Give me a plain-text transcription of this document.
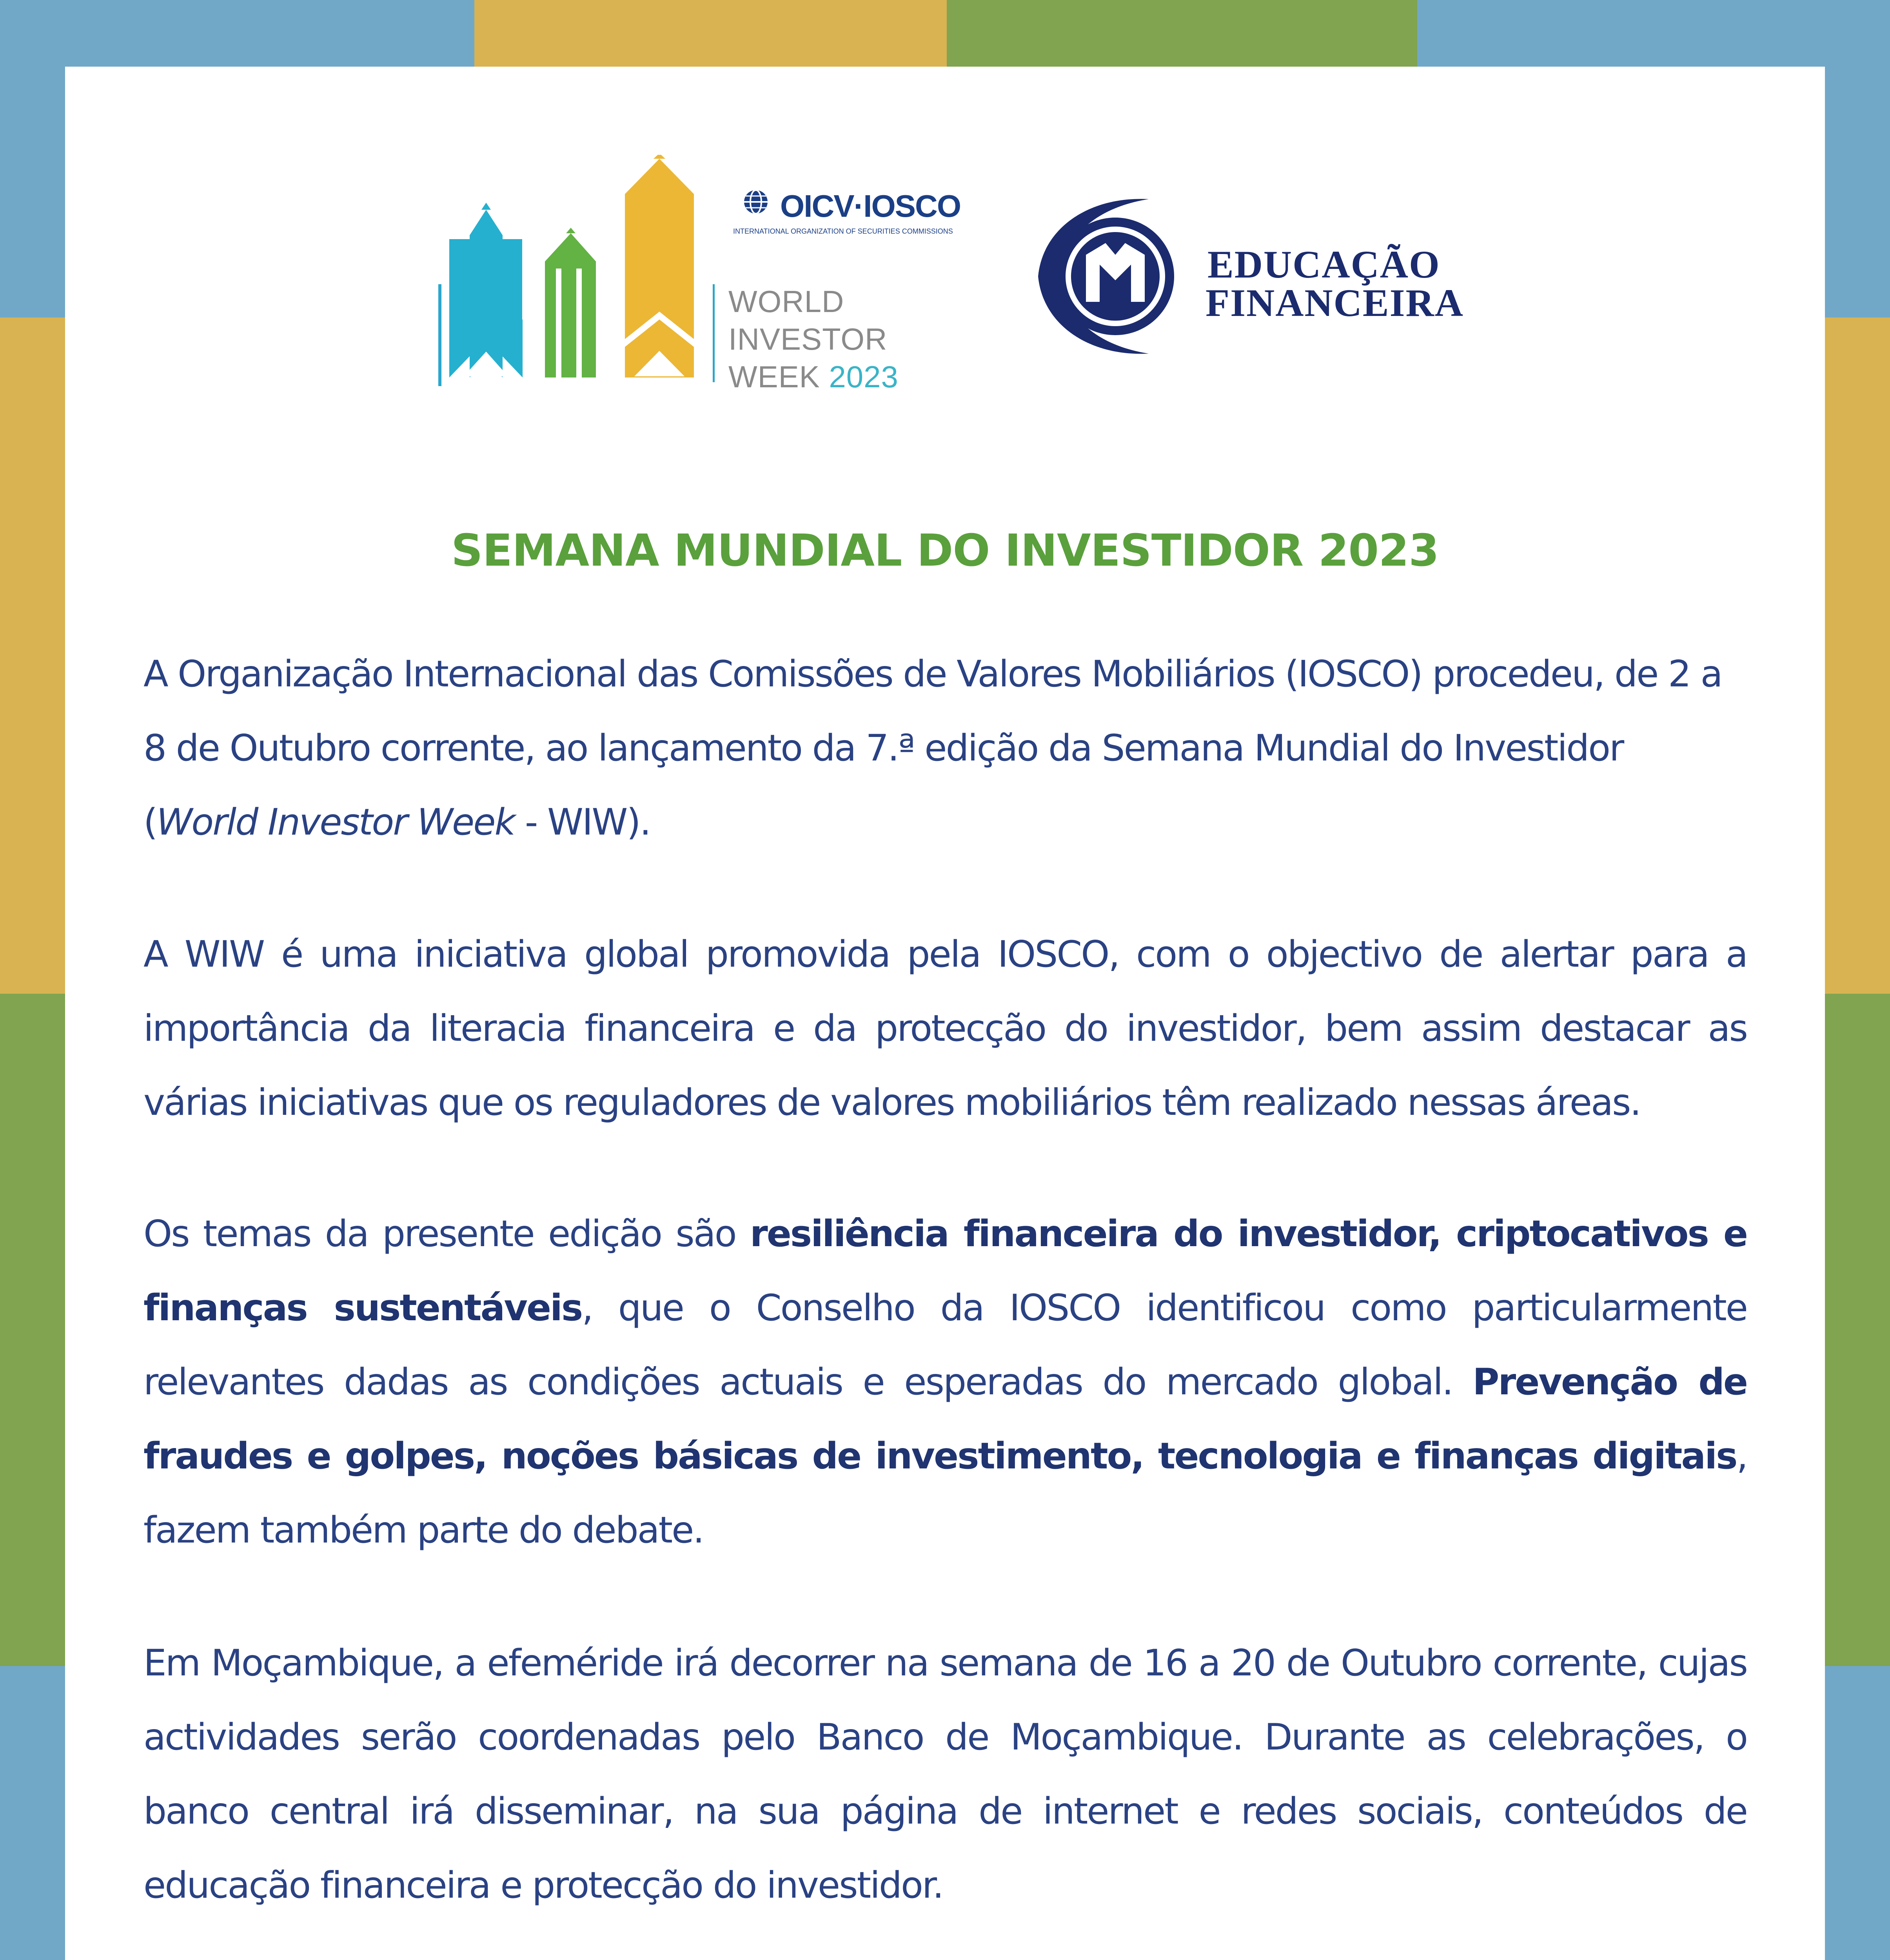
OICV·IOSCO
INTERNATIONAL ORGANIZATION OF SECURITIES COMMISSIONS
WORLD
INVESTOR
WEEK 2023
EDUCAÇÃO
FINANCEIRA
SEMANA MUNDIAL DO INVESTIDOR 2023
A Organização Internacional das Comissões de Valores Mobiliários (IOSCO) procedeu, de 2 a 8 de Outubro corrente, ao lançamento da 7.ª edição da Semana Mundial do Investidor (World Investor Week - WIW).
A WIW é uma iniciativa global promovida pela IOSCO, com o objectivo de alertar para a importância da literacia financeira e da protecção do investidor, bem assim destacar as várias iniciativas que os reguladores de valores mobiliários têm realizado nessas áreas.
Os temas da presente edição são resiliência financeira do investidor, criptocativos e finanças sustentáveis, que o Conselho da IOSCO identificou como particularmente relevantes dadas as condições actuais e esperadas do mercado global. Prevenção de fraudes e golpes, noções básicas de investimento, tecnologia e finanças digitais, fazem também parte do debate.
Em Moçambique, a efeméride irá decorrer na semana de 16 a 20 de Outubro corrente, cujas actividades serão coordenadas pelo Banco de Moçambique. Durante as celebrações, o banco central irá disseminar, na sua página de internet e redes sociais, conteúdos de educação financeira e protecção do investidor.
